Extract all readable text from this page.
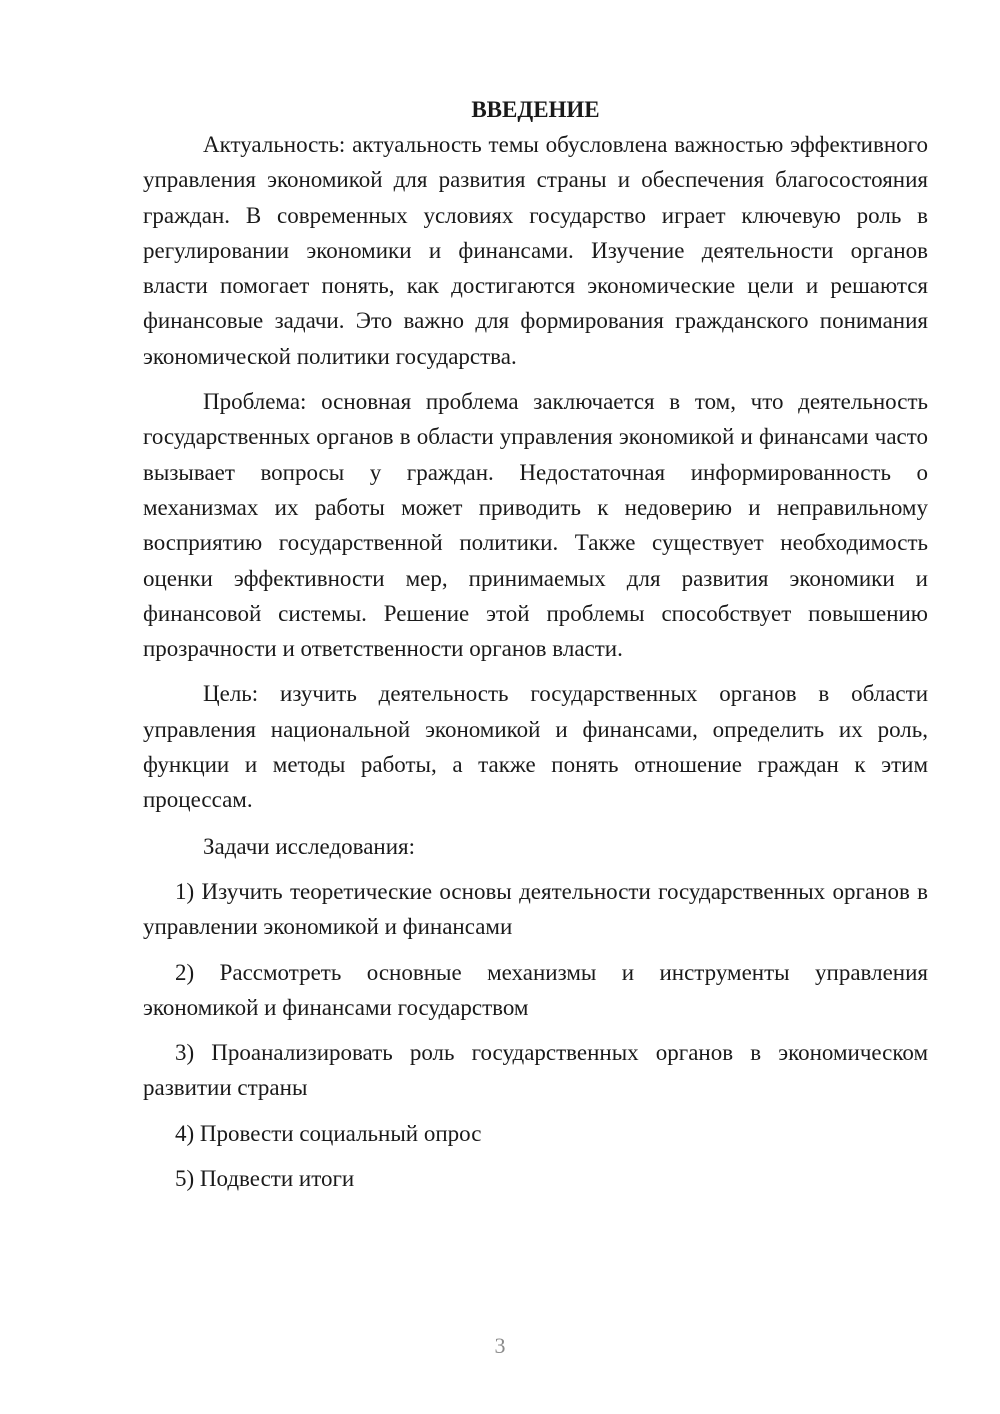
ВВЕДЕНИЕ

Актуальность: актуальность темы обусловлена важностью эффективного управления экономикой для развития страны и обеспечения благосостояния граждан. В современных условиях государство играет ключевую роль в регулировании экономики и финансами. Изучение деятельности органов власти помогает понять, как достигаются экономические цели и решаются финансовые задачи. Это важно для формирования гражданского понимания экономической политики государства.

Проблема: основная проблема заключается в том, что деятельность государственных органов в области управления экономикой и финансами часто вызывает вопросы у граждан. Недостаточная информированность о механизмах их работы может приводить к недоверию и неправильному восприятию государственной политики. Также существует необходимость оценки эффективности мер, принимаемых для развития экономики и финансовой системы. Решение этой проблемы способствует повышению прозрачности и ответственности органов власти.

Цель: изучить деятельность государственных органов в области управления национальной экономикой и финансами, определить их роль, функции и методы работы, а также понять отношение граждан к этим процессам.

Задачи исследования:

1) Изучить теоретические основы деятельности государственных органов в управлении экономикой и финансами

2) Рассмотреть основные механизмы и инструменты управления экономикой и финансами государством

3) Проанализировать роль государственных органов в экономическом развитии страны

4) Провести социальный опрос

5) Подвести итоги

3
